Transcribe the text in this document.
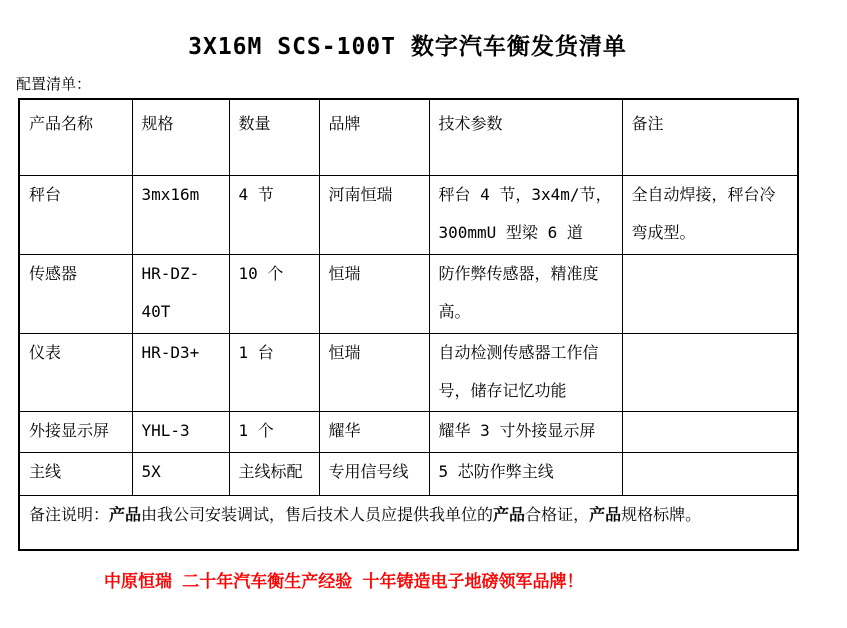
3X16M SCS-100T 数字汽车衡发货清单
配置清单：
产品名称	规格	数量	品牌	技术参数	备注
秤台	3mx16m	4 节	河南恒瑞	秤台 4 节，3x4m/节，300mmU 型梁 6 道	全自动焊接，秤台冷弯成型。
传感器	HR-DZ-40T	10 个	恒瑞	防作弊传感器，精准度高。	
仪表	HR-D3+	1 台	恒瑞	自动检测传感器工作信号，储存记忆功能	
外接显示屏	YHL-3	1 个	耀华	耀华 3 寸外接显示屏	
主线	5X	主线标配	专用信号线	5 芯防作弊主线	
备注说明：产品由我公司安装调试，售后技术人员应提供我单位的产品合格证，产品规格标牌。					
中原恒瑞 二十年汽车衡生产经验 十年铸造电子地磅领军品牌！
